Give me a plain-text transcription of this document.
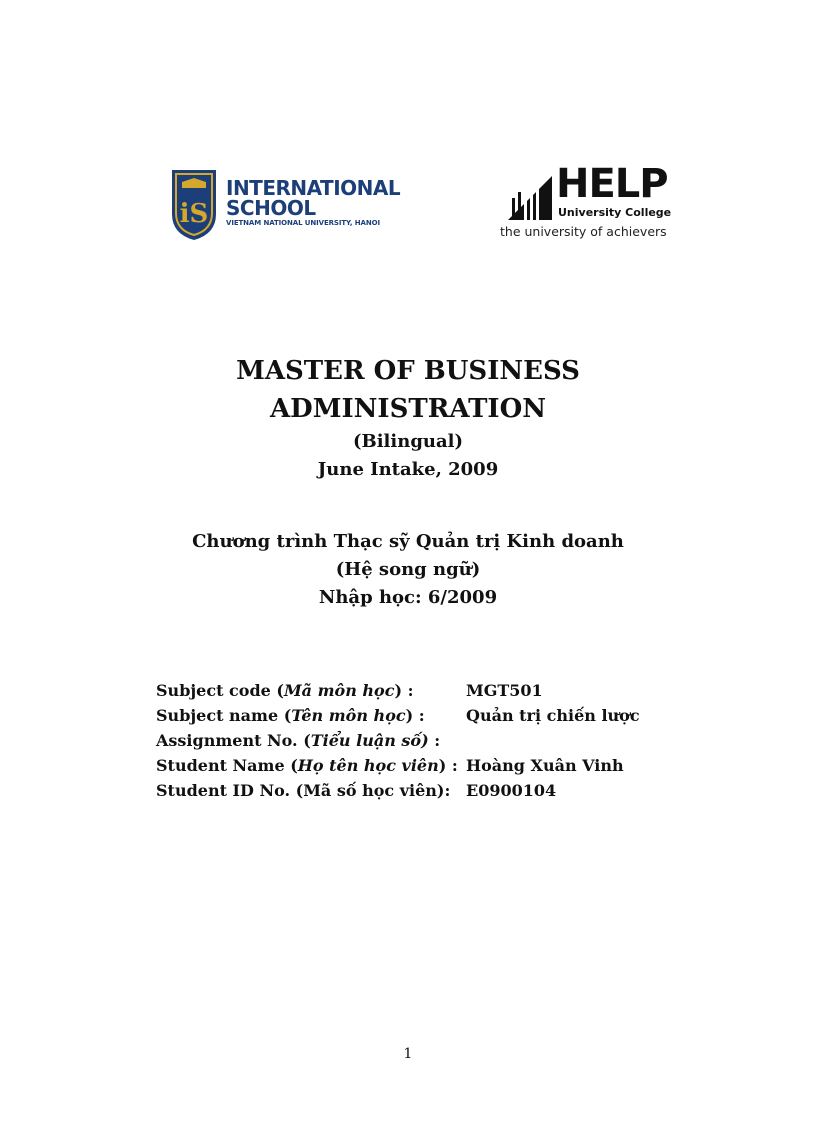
iS
INTERNATIONAL
SCHOOL
VIETNAM NATIONAL UNIVERSITY, HANOI
HELP
University College
the university of achievers
MASTER OF BUSINESS
ADMINISTRATION
(Bilingual)
June Intake, 2009
Chương trình Thạc sỹ Quản trị Kinh doanh
(Hệ song ngữ)
Nhập học: 6/2009
Subject code (Mã môn học) :	MGT501
Subject name (Tên môn học) :	Quản trị chiến lược
Assignment No. (Tiểu luận số) :
Student Name (Họ tên học viên) : Hoàng Xuân Vinh
Student ID No. (Mã số học viên): E0900104
1
